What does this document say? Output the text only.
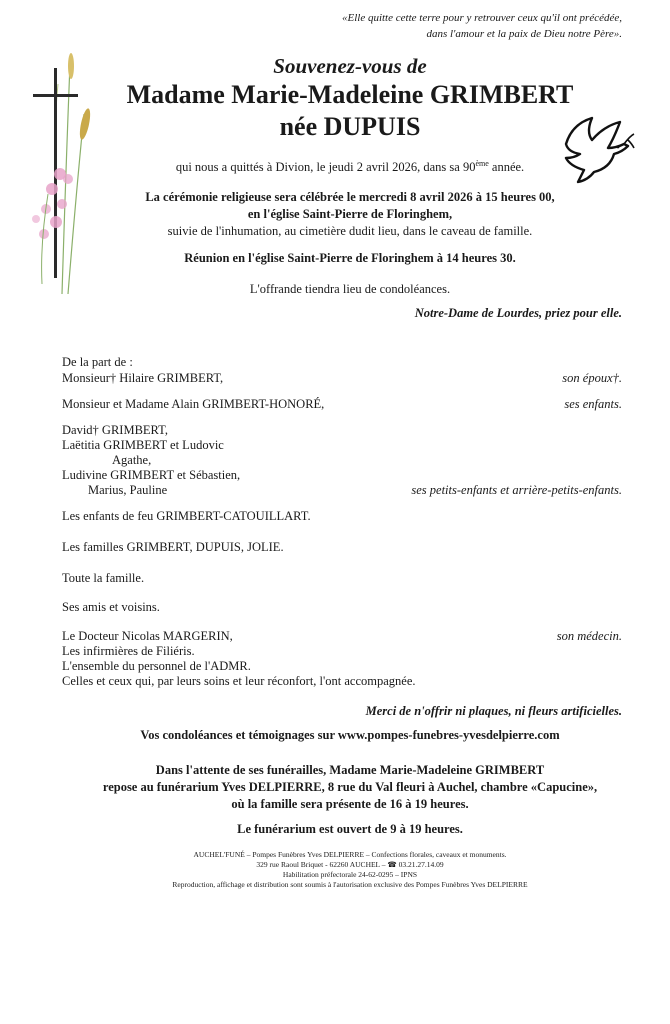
«Elle quitte cette terre pour y retrouver ceux qu'il ont précédée,
dans l'amour et la paix de Dieu notre Père».
Souvenez-vous de
Madame Marie-Madeleine GRIMBERT
née DUPUIS
qui nous a quittés à Divion, le jeudi 2 avril 2026, dans sa 90ème année.
La cérémonie religieuse sera célébrée le mercredi 8 avril 2026 à 15 heures 00,
en l'église Saint-Pierre de Floringhem,
suivie de l'inhumation, au cimetière dudit lieu, dans le caveau de famille.
Réunion en l'église Saint-Pierre de Floringhem à 14 heures 30.
L'offrande tiendra lieu de condoléances.
Notre-Dame de Lourdes, priez pour elle.
De la part de :
Monsieur† Hilaire GRIMBERT,	son époux†.
Monsieur et Madame Alain GRIMBERT-HONORÉ,	ses enfants.
David† GRIMBERT,
Laëtitia GRIMBERT et Ludovic
Agathe,
Ludivine GRIMBERT et Sébastien,
Marius, Pauline	ses petits-enfants et arrière-petits-enfants.
Les enfants de feu GRIMBERT-CATOUILLART.
Les familles GRIMBERT, DUPUIS, JOLIE.
Toute la famille.
Ses amis et voisins.
Le Docteur Nicolas MARGERIN,	son médecin.
Les infirmières de Filiéris.
L'ensemble du personnel de l'ADMR.
Celles et ceux qui, par leurs soins et leur réconfort, l'ont accompagnée.
Merci de n'offrir ni plaques, ni fleurs artificielles.
Vos condoléances et témoignages sur www.pompes-funebres-yvesdelpierre.com
Dans l'attente de ses funérailles, Madame Marie-Madeleine GRIMBERT
repose au funérarium Yves DELPIERRE, 8 rue du Val fleuri à Auchel, chambre «Capucine»,
où la famille sera présente de 16 à 19 heures.
Le funérarium est ouvert de 9 à 19 heures.
AUCHEL'FUNÉ – Pompes Funèbres Yves DELPIERRE – Confections florales, caveaux et monuments.
329 rue Raoul Briquet - 62260 AUCHEL – ☎ 03.21.27.14.09
Habilitation préfectorale 24-62-0295 – IPNS
Reproduction, affichage et distribution sont soumis à l'autorisation exclusive des Pompes Funèbres Yves DELPIERRE
